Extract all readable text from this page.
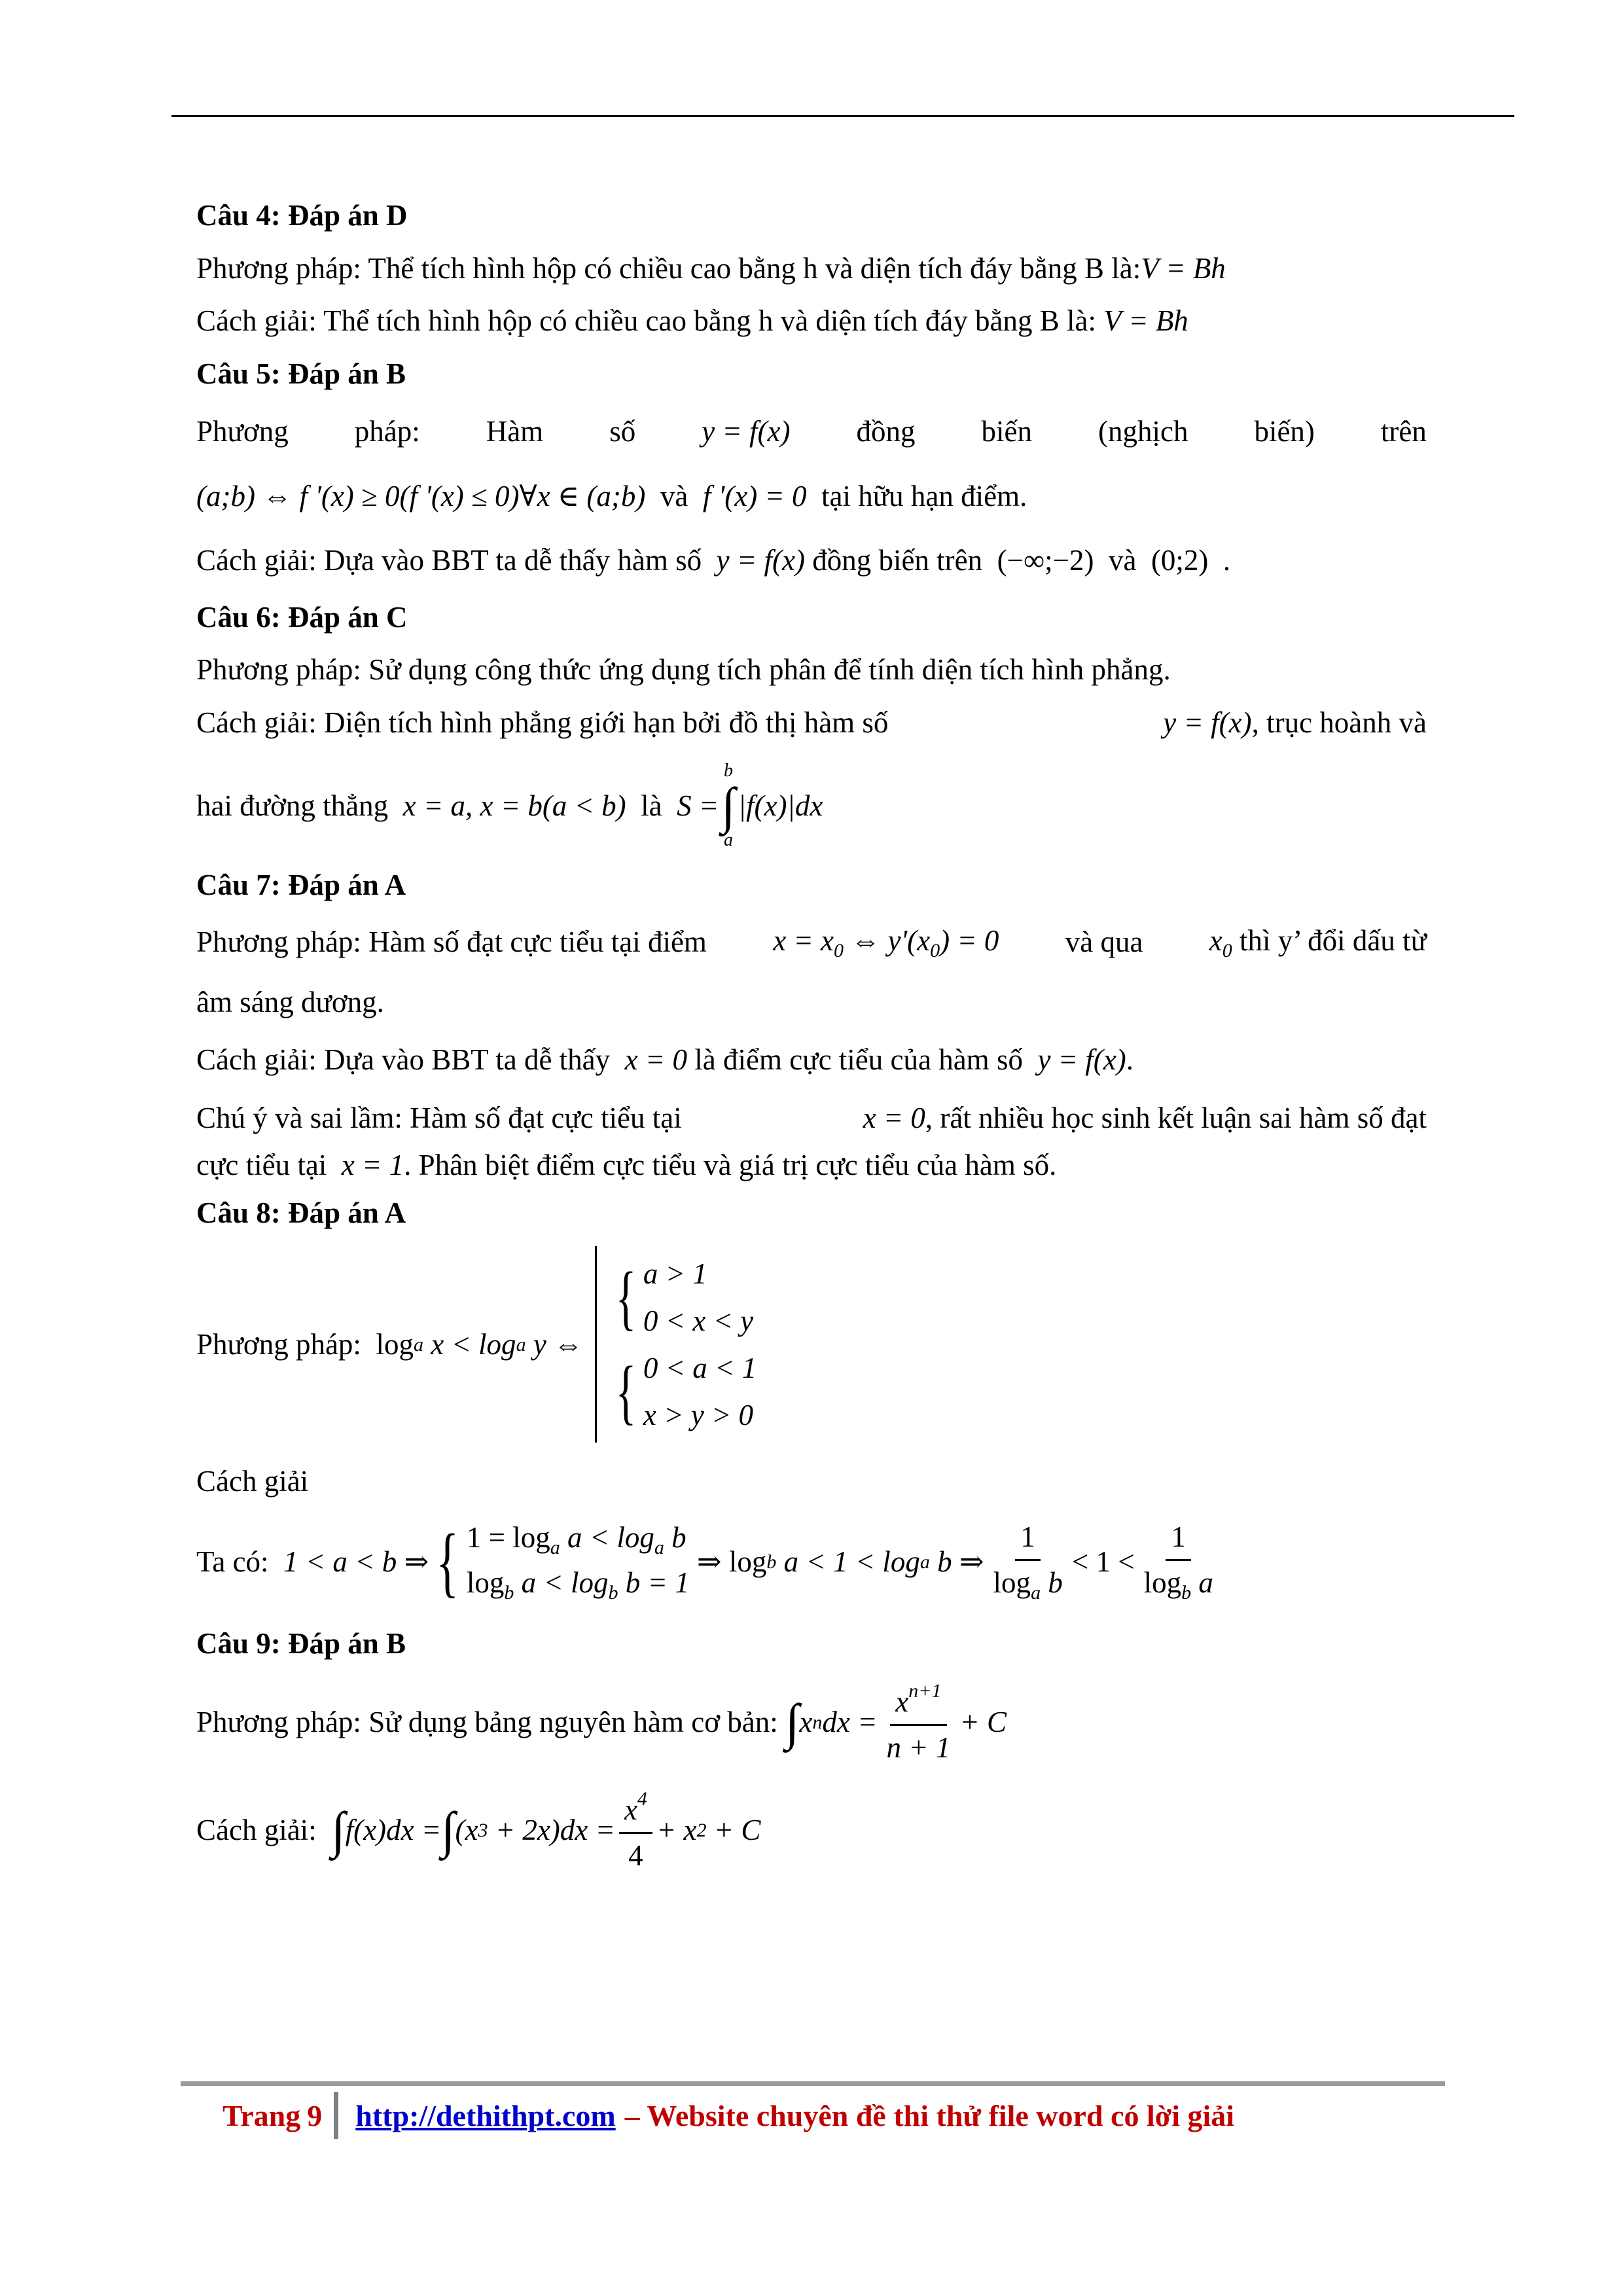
Câu 4: Đáp án D

Phương pháp: Thể tích hình hộp có chiều cao bằng h và diện tích đáy bằng B là:V = Bh

Cách giải: Thể tích hình hộp có chiều cao bằng h và diện tích đáy bằng B là: V = Bh

Câu 5: Đáp án B

Phương pháp: Hàm số y = f(x) đồng biến (nghịch biến) trên

(a;b) ⇔ f '(x) ≥ 0(f '(x) ≤ 0)∀x ∈ (a;b) và f '(x) = 0 tại hữu hạn điểm.

Cách giải: Dựa vào BBT ta dễ thấy hàm số y = f(x) đồng biến trên (−∞;−2) và (0;2) .

Câu 6: Đáp án C

Phương pháp: Sử dụng công thức ứng dụng tích phân để tính diện tích hình phẳng.

Cách giải: Diện tích hình phẳng giới hạn bởi đồ thị hàm số	y = f(x), trục hoành và

hai đường thẳng
x = a, x = b(a < b)
là
S =
b
∫
a
|f(x)|dx

Câu 7: Đáp án A

Phương pháp: Hàm số đạt cực tiểu tại điểm $x = x_0$ ⇔ $y'(x_0) = 0$ và qua $x_0$ thì y’ đổi dấu từ

âm sáng dương.

Cách giải: Dựa vào BBT ta dễ thấy x = 0 là điểm cực tiểu của hàm số y = f(x).

Chú ý và sai lầm: Hàm số đạt cực tiểu tại	x = 0, rất nhiều học sinh kết luận sai hàm số đạt

cực tiểu tại x = 1. Phân biệt điểm cực tiểu và giá trị cực tiểu của hàm số.

Câu 8: Đáp án A

Phương pháp:
log a
x < log a
y ⇔
{ a > 1
0 < x < y
{ 0 < a < 1
x > y > 0

Cách giải

Ta có:
1 < a < b ⇒ { $1 = \log_a a < \log_a b$
$\log_b a < \log_b b = 1$

⇒ log b
a < 1 < log a
b ⇒ $\frac{1}{\log_a b} < 1 < \frac{1}{\log_b a}$

Câu 9: Đáp án B

Phương pháp: Sử dụng bảng nguyên hàm cơ bản:
∫ x n dx = $\frac{x^{n+1}}{n + 1} + C$
Cách giải:
∫ f(x)dx = ∫ (x 3
+ $2x)dx = \frac{x^4}{4} + x$ 2
+ C
Trang 9 http://dethithpt.com – Website chuyên đề thi thử file word có lời giải
